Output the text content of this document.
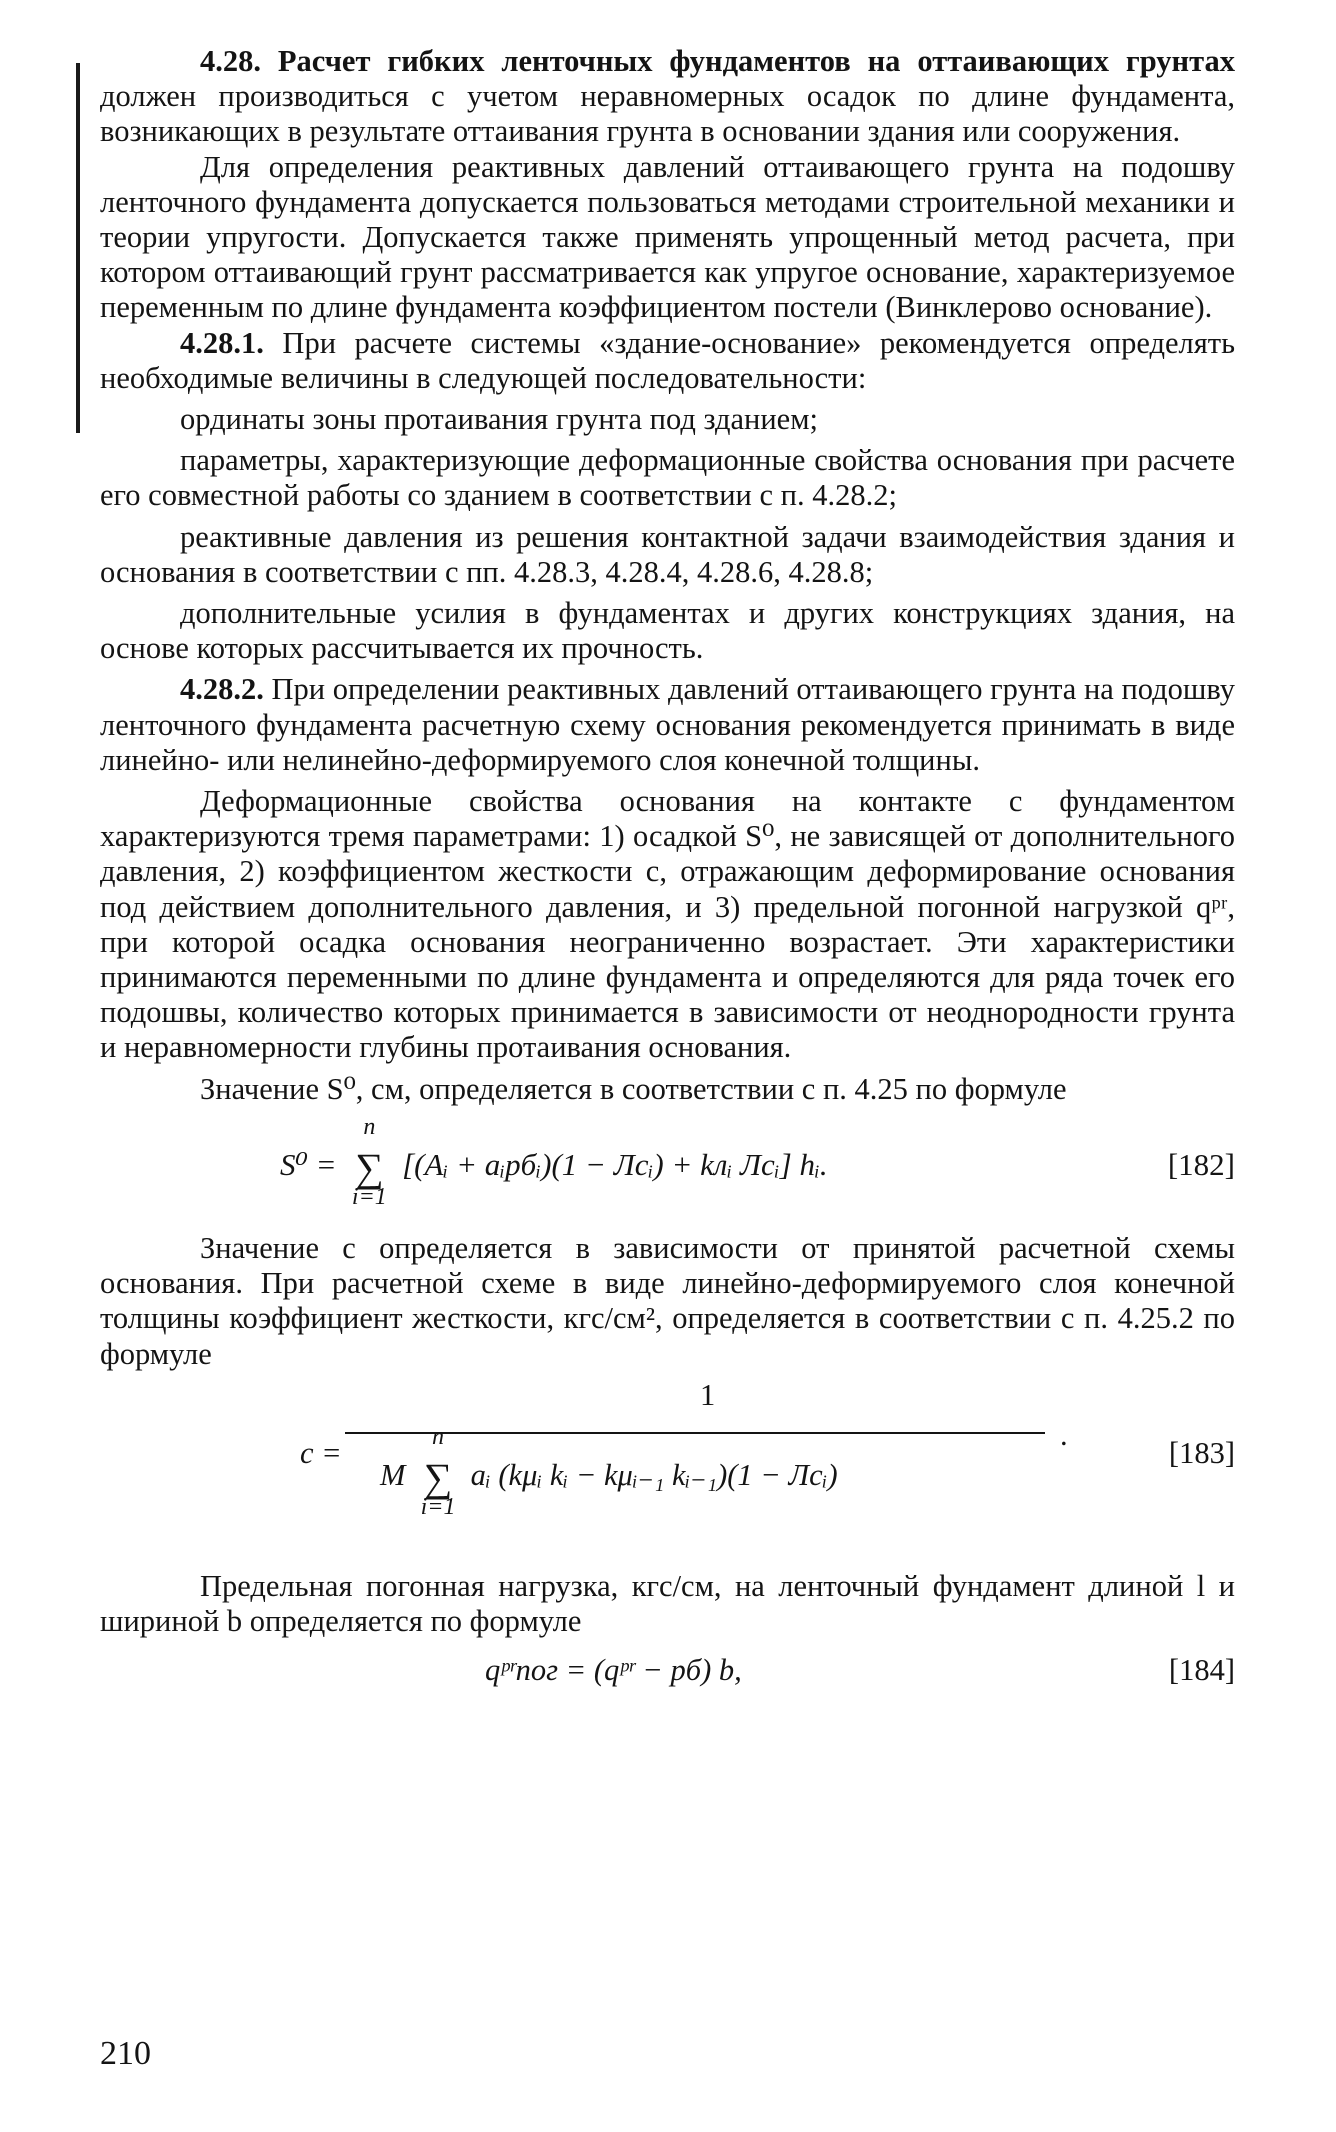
4.28. Расчет гибких ленточных фундаментов на оттаивающих грунтах должен производиться с учетом неравномерных осадок по длине фундамента, возникающих в результате оттаивания грунта в основании здания или сооружения.

Для определения реактивных давлений оттаивающего грунта на подошву ленточного фундамента допускается пользоваться методами строительной механики и теории упругости. Допускается также применять упрощенный метод расчета, при котором оттаивающий грунт рассматривается как упругое основание, характеризуемое переменным по длине фундамента коэффициентом постели (Винклерово основание).

4.28.1. При расчете системы «здание-основание» рекомендуется определять необходимые величины в следующей последовательности:

ординаты зоны протаивания грунта под зданием;

параметры, характеризующие деформационные свойства основания при расчете его совместной работы со зданием в соответствии с п. 4.28.2;

реактивные давления из решения контактной задачи взаимодействия здания и основания в соответствии с пп. 4.28.3, 4.28.4, 4.28.6, 4.28.8;

дополнительные усилия в фундаментах и других конструкциях здания, на основе которых рассчитывается их прочность.

4.28.2. При определении реактивных давлений оттаивающего грунта на подошву ленточного фундамента расчетную схему основания рекомендуется принимать в виде линейно- или нелинейно-деформируемого слоя конечной толщины.

Деформационные свойства основания на контакте с фундаментом характеризуются тремя параметрами: 1) осадкой S⁰, не зависящей от дополнительного давления, 2) коэффициентом жесткости c, отражающим деформирование основания под действием дополнительного давления, и 3) предельной погонной нагрузкой qᵖʳ, при которой осадка основания неограниченно возрастает. Эти характеристики принимаются переменными по длине фундамента и определяются для ряда точек его подошвы, количество которых принимается в зависимости от неоднородности грунта и неравномерности глубины протаивания основания.

Значение S⁰, см, определяется в соответствии с п. 4.25 по формуле

S⁰ = ∑
n
i=1
[(Aᵢ + aᵢpбᵢ)(1 − Лcᵢ) + kлᵢ Лcᵢ] hᵢ.	[182]

Значение c определяется в зависимости от принятой расчетной схемы основания. При расчетной схеме в виде линейно-деформируемого слоя конечной толщины коэффициент жесткости, кгс/см², определяется в соответствии с п. 4.25.2 по формуле

c =
1
.
M ∑
n
i=1
aᵢ (kμᵢ kᵢ − kμᵢ₋₁ kᵢ₋₁)(1 − Лcᵢ)
[183]

Предельная погонная нагрузка, кгс/см, на ленточный фундамент длиной l и шириной b определяется по формуле

qᵖʳпог = (qᵖʳ − pб) b,	[184]
210
